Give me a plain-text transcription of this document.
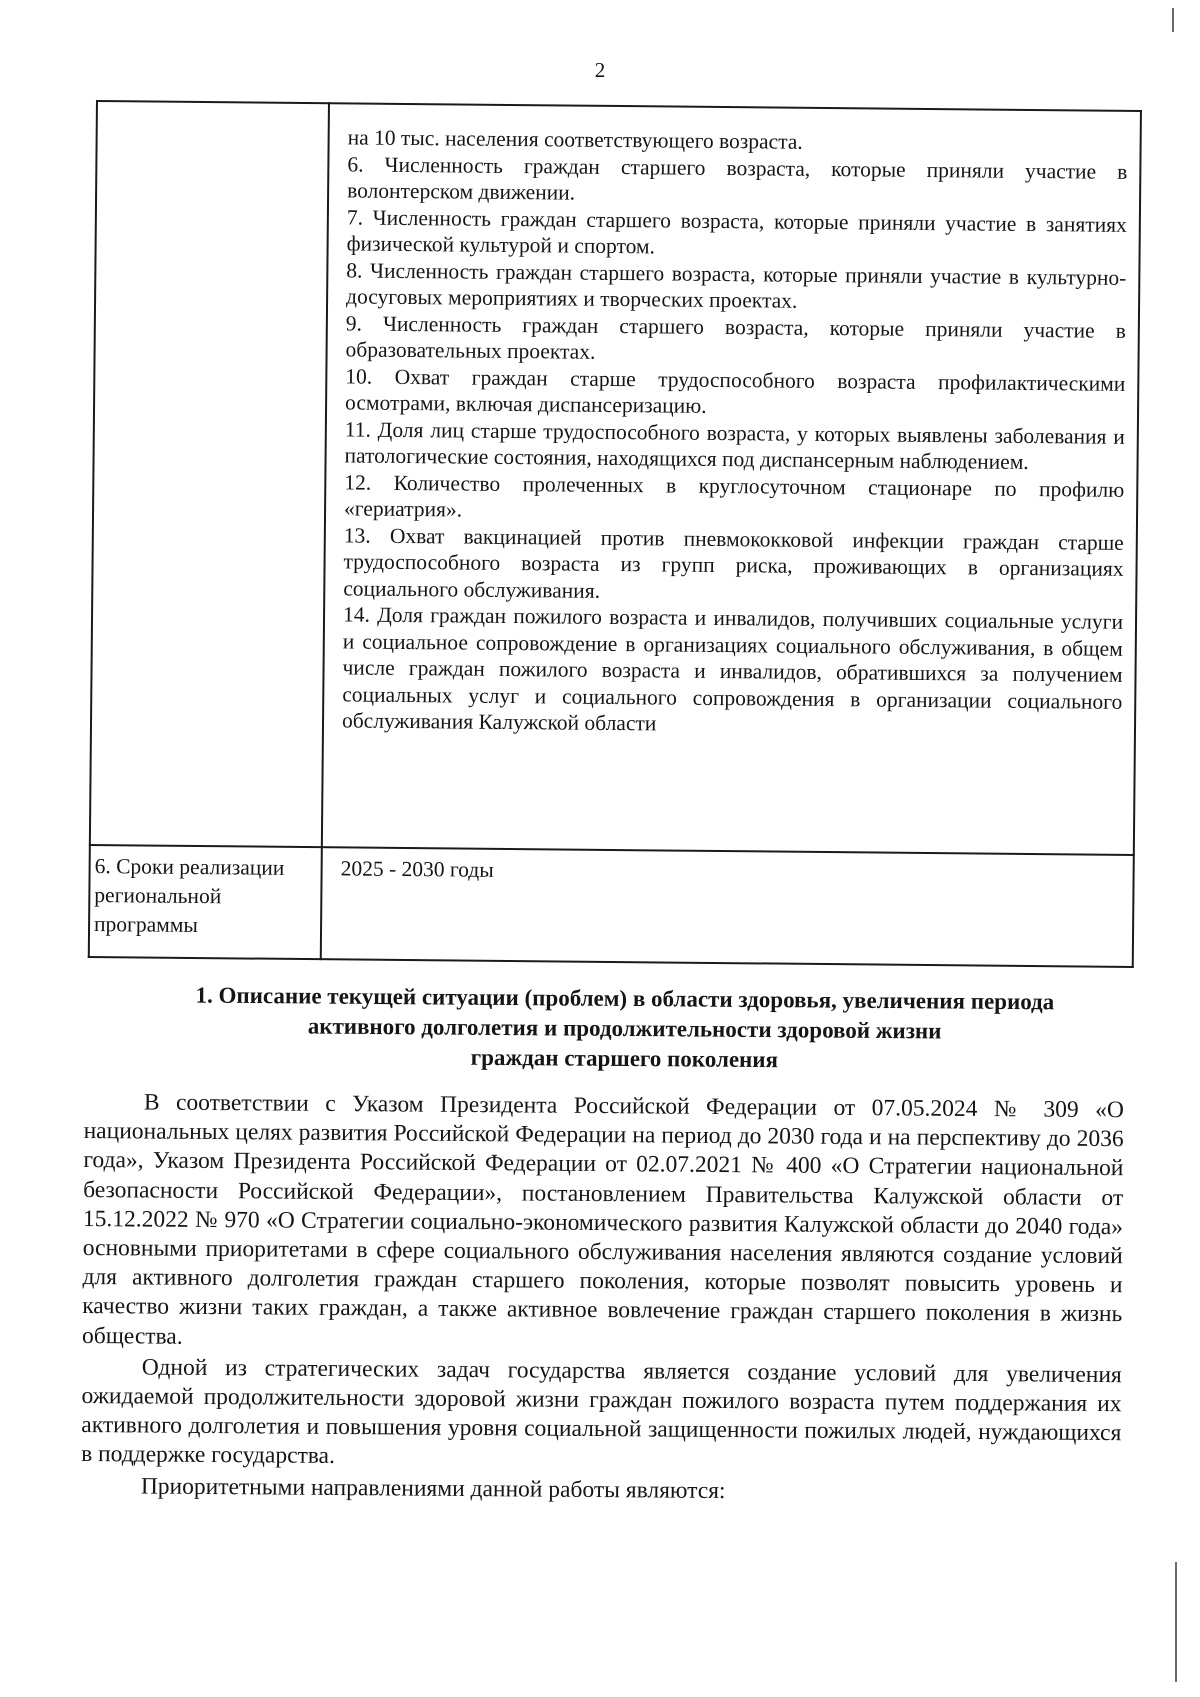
2
на 10 тыс. населения соответствующего возраста.
6. Численность граждан старшего возраста, которые приняли участие в волонтерском движении.
7. Численность граждан старшего возраста, которые приняли участие в занятиях физической культурой и спортом.
8. Численность граждан старшего возраста, которые приняли участие в культурно-досуговых мероприятиях и творческих проектах.
9. Численность граждан старшего возраста, которые приняли участие в образовательных проектах.
10. Охват граждан старше трудоспособного возраста профилактическими осмотрами, включая диспансеризацию.
11. Доля лиц старше трудоспособного возраста, у которых выявлены заболевания и патологические состояния, находящихся под диспансерным наблюдением.
12. Количество пролеченных в круглосуточном стационаре по профилю «гериатрия».
13. Охват вакцинацией против пневмококковой инфекции граждан старше трудоспособного возраста из групп риска, проживающих в организациях социального обслуживания.
14. Доля граждан пожилого возраста и инвалидов, получивших социальные услуги и социальное сопровождение в организациях социального обслуживания, в общем числе граждан пожилого возраста и инвалидов, обратившихся за получением социальных услуг и социального сопровождения в организации социального обслуживания Калужской области
6. Сроки реализации региональной программы
2025 - 2030 годы
1. Описание текущей ситуации (проблем) в области здоровья, увеличения периода
активного долголетия и продолжительности здоровой жизни
граждан старшего поколения

В соответствии с Указом Президента Российской Федерации от 07.05.2024 № 309 «О национальных целях развития Российской Федерации на период до 2030 года и на перспективу до 2036 года», Указом Президента Российской Федерации от 02.07.2021 № 400 «О Стратегии национальной безопасности Российской Федерации», постановлением Правительства Калужской области от 15.12.2022 № 970 «О Стратегии социально-экономического развития Калужской области до 2040 года» основными приоритетами в сфере социального обслуживания населения являются создание условий для активного долголетия граждан старшего поколения, которые позволят повысить уровень и качество жизни таких граждан, а также активное вовлечение граждан старшего поколения в жизнь общества.

Одной из стратегических задач государства является создание условий для увеличения ожидаемой продолжительности здоровой жизни граждан пожилого возраста путем поддержания их активного долголетия и повышения уровня социальной защищенности пожилых людей, нуждающихся в поддержке государства.

Приоритетными направлениями данной работы являются:
